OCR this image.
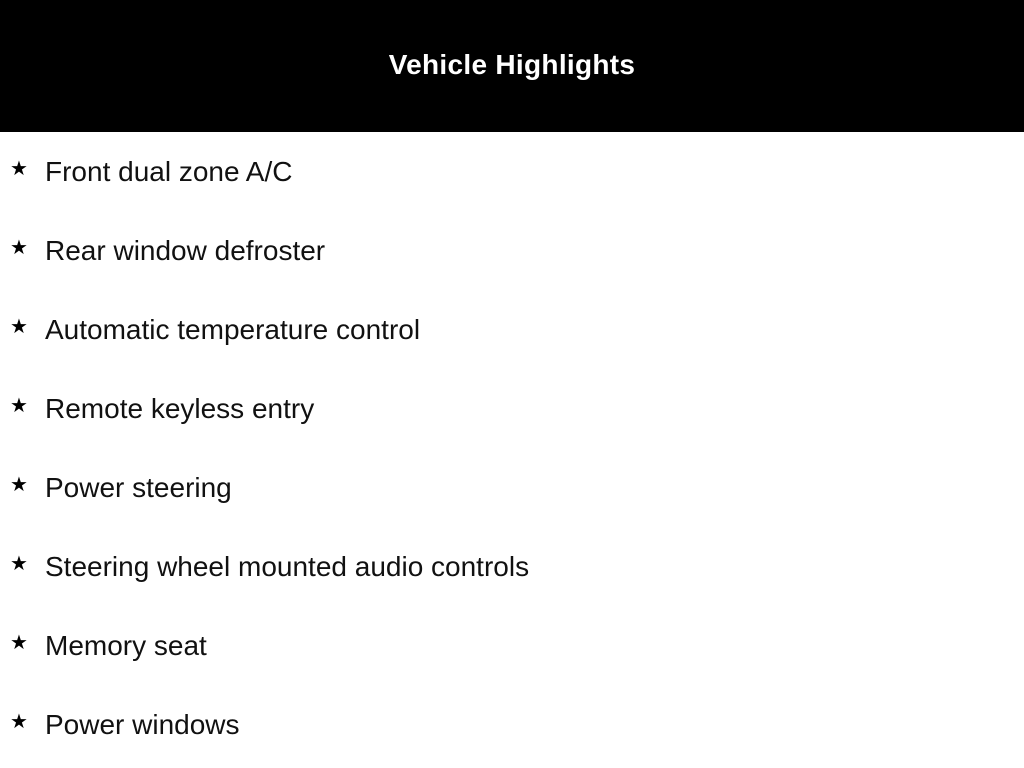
Vehicle Highlights
★ Front dual zone A/C
★ Rear window defroster
★ Automatic temperature control
★ Remote keyless entry
★ Power steering
★ Steering wheel mounted audio controls
★ Memory seat
★ Power windows
